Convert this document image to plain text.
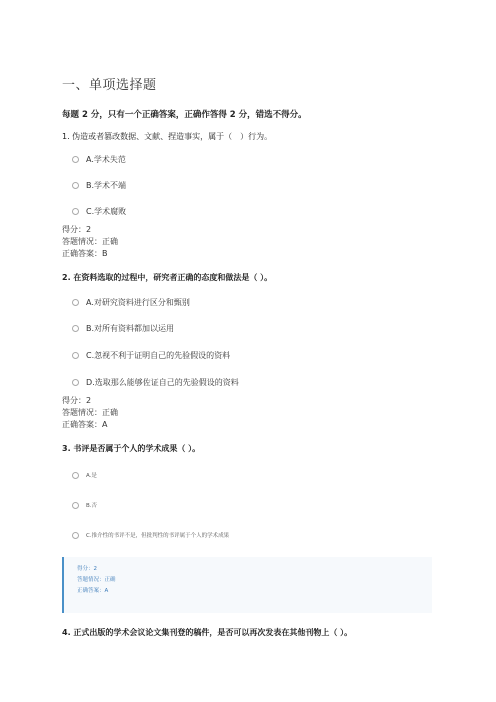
一、单项选择题
每题 2 分，只有一个正确答案，正确作答得 2 分，错选不得分。
1. 伪造或者篡改数据、文献、捏造事实，属于（　）行为。
A.学术失范
B.学术不端
C.学术腐败
得分：2
答题情况：正确
正确答案：B
2. 在资料选取的过程中，研究者正确的态度和做法是（ ）。
A.对研究资料进行区分和甄别
B.对所有资料都加以运用
C.忽视不利于证明自己的先验假设的资料
D.选取那么能够佐证自己的先验假设的资料
得分：2
答题情况：正确
正确答案：A
3. 书评是否属于个人的学术成果（ ）。
A.是
B.否
C.推介性的书评不是，但批判性的书评属于个人的学术成果
得分：2
答题情况：正确
正确答案：A
4. 正式出版的学术会议论文集刊登的稿件，是否可以再次发表在其他刊物上（ ）。
